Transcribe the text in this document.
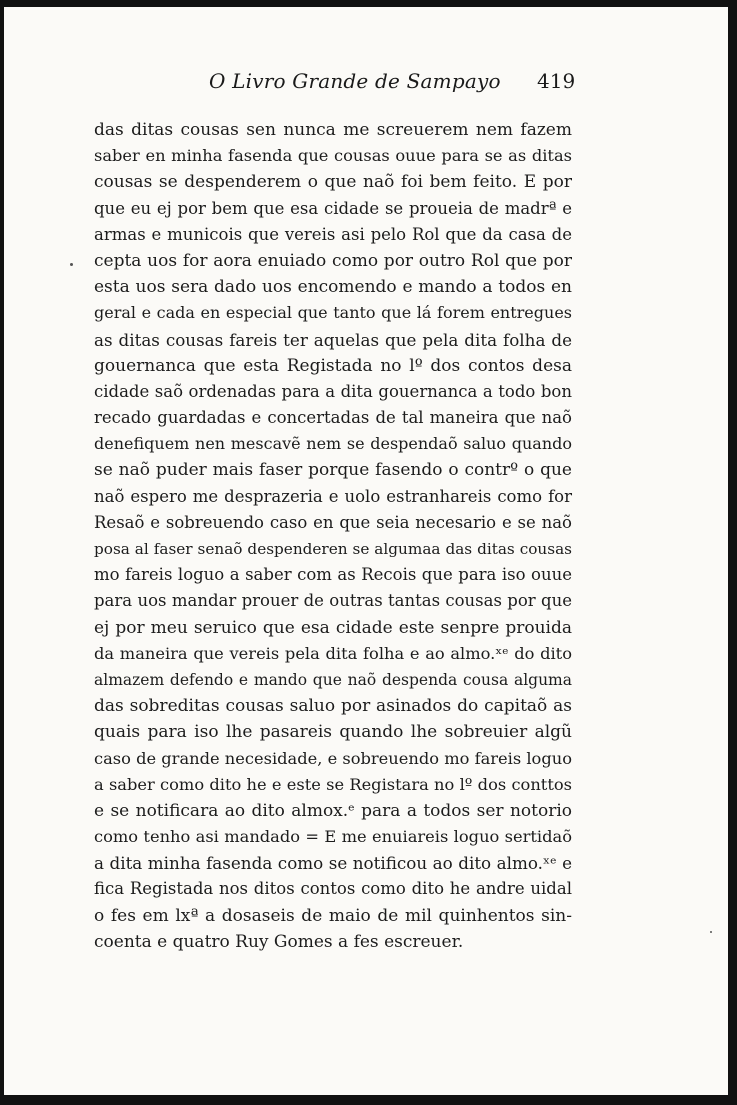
O Livro Grande de Sampayo 419
das ditas cousas sen nunca me screuerem nem fazem
saber en minha fasenda que cousas ouue para se as ditas
cousas se despenderem o que naõ foi bem feito. E por
que eu ej por bem que esa cidade se proueia de madrª e
armas e municois que vereis asi pelo Rol que da casa de
cepta uos for aora enuiado como por outro Rol que por
esta uos sera dado uos encomendo e mando a todos en
geral e cada en especial que tanto que lá forem entregues
as ditas cousas fareis ter aquelas que pela dita folha de
gouernanca que esta Registada no lº dos contos desa
cidade saõ ordenadas para a dita gouernanca a todo bon
recado guardadas e concertadas de tal maneira que naõ
denefiquem nen mescavẽ nem se despendaõ saluo quando
se naõ puder mais faser porque fasendo o contrº o que
naõ espero me desprazeria e uolo estranhareis como for
Resaõ e sobreuendo caso en que seia necesario e se naõ
posa al faser senaõ despenderen se algumaa das ditas cousas
mo fareis loguo a saber com as Recois que para iso ouue
para uos mandar prouer de outras tantas cousas por que
ej por meu seruico que esa cidade este senpre prouida
da maneira que vereis pela dita folha e ao almo.ˣᵉ do dito
almazem defendo e mando que naõ despenda cousa alguma
das sobreditas cousas saluo por asinados do capitaõ as
quais para iso lhe pasareis quando lhe sobreuier algũ
caso de grande necesidade, e sobreuendo mo fareis loguo
a saber como dito he e este se Registara no lº dos conttos
e se notificara ao dito almox.ᵉ para a todos ser notorio
como tenho asi mandado = E me enuiareis loguo sertidaõ
a dita minha fasenda como se notificou ao dito almo.ˣᵉ e
fica Registada nos ditos contos como dito he andre uidal
o fes em lxª a dosaseis de maio de mil quinhentos sin-
coenta e quatro Ruy Gomes a fes escreuer.
